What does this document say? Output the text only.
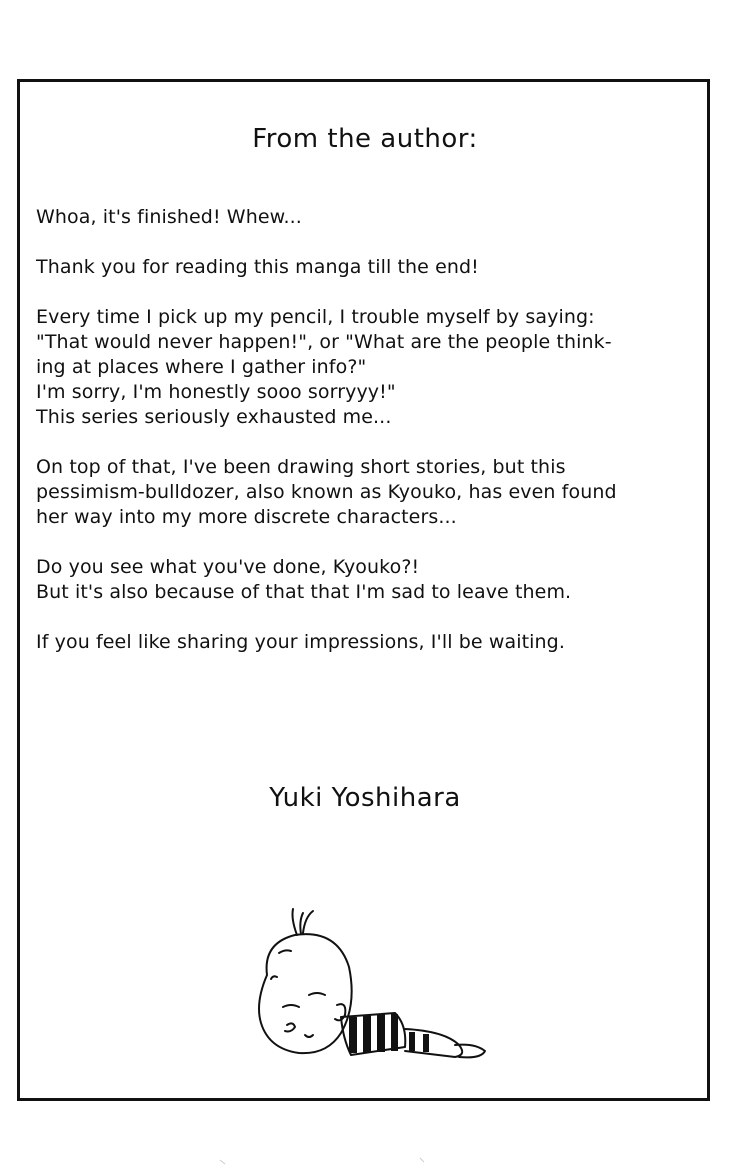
From the author:
Whoa, it's finished! Whew...
Thank you for reading this manga till the end!
Every time I pick up my pencil, I trouble myself by saying:
"That would never happen!", or "What are the people think-
ing at places where I gather info?"
I'm sorry, I'm honestly sooo sorryyy!"
This series seriously exhausted me...
On top of that, I've been drawing short stories, but this
pessimism-bulldozer, also known as Kyouko, has even found
her way into my more discrete characters...
Do you see what you've done, Kyouko?!
But it's also because of that that I'm sad to leave them.
If you feel like sharing your impressions, I'll be waiting.
Yuki Yoshihara
